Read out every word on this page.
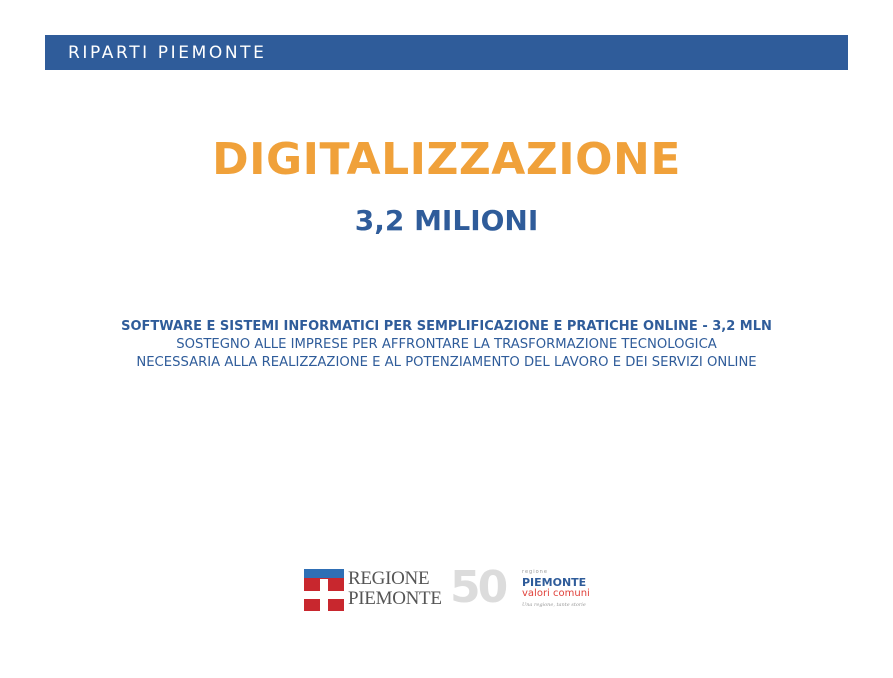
RIPARTI PIEMONTE
DIGITALIZZAZIONE
3,2 MILIONI
SOFTWARE E SISTEMI INFORMATICI PER SEMPLIFICAZIONE E PRATICHE ONLINE - 3,2 MLN
SOSTEGNO ALLE IMPRESE PER AFFRONTARE LA TRASFORMAZIONE TECNOLOGICA
NECESSARIA ALLA REALIZZAZIONE E AL POTENZIAMENTO DEL LAVORO E DEI SERVIZI ONLINE
REGIONE
PIEMONTE 50	regione
PIEMONTE
valori comuni
Una regione, tante storie
